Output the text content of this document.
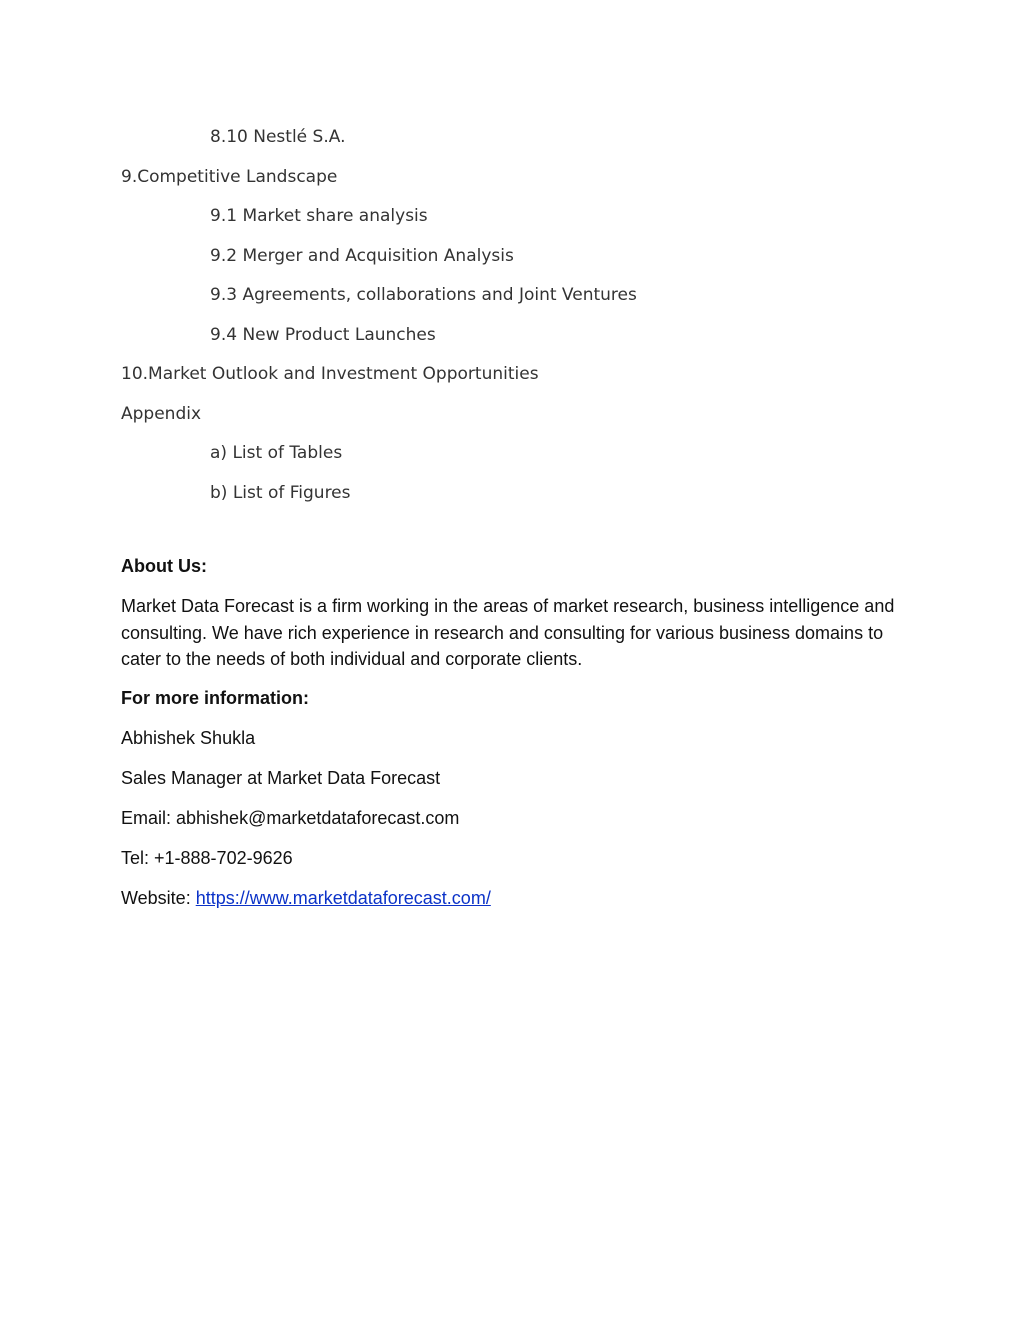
8.10 Nestlé S.A.
9.Competitive Landscape
9.1 Market share analysis
9.2 Merger and Acquisition Analysis
9.3 Agreements, collaborations and Joint Ventures
9.4 New Product Launches
10.Market Outlook and Investment Opportunities
Appendix
a) List of Tables
b) List of Figures
About Us:
Market Data Forecast is a firm working in the areas of market research, business intelligence and consulting. We have rich experience in research and consulting for various business domains to cater to the needs of both individual and corporate clients.
For more information:
Abhishek Shukla
Sales Manager at Market Data Forecast
Email: abhishek@marketdataforecast.com
Tel: +1-888-702-9626
Website: https://www.marketdataforecast.com/
